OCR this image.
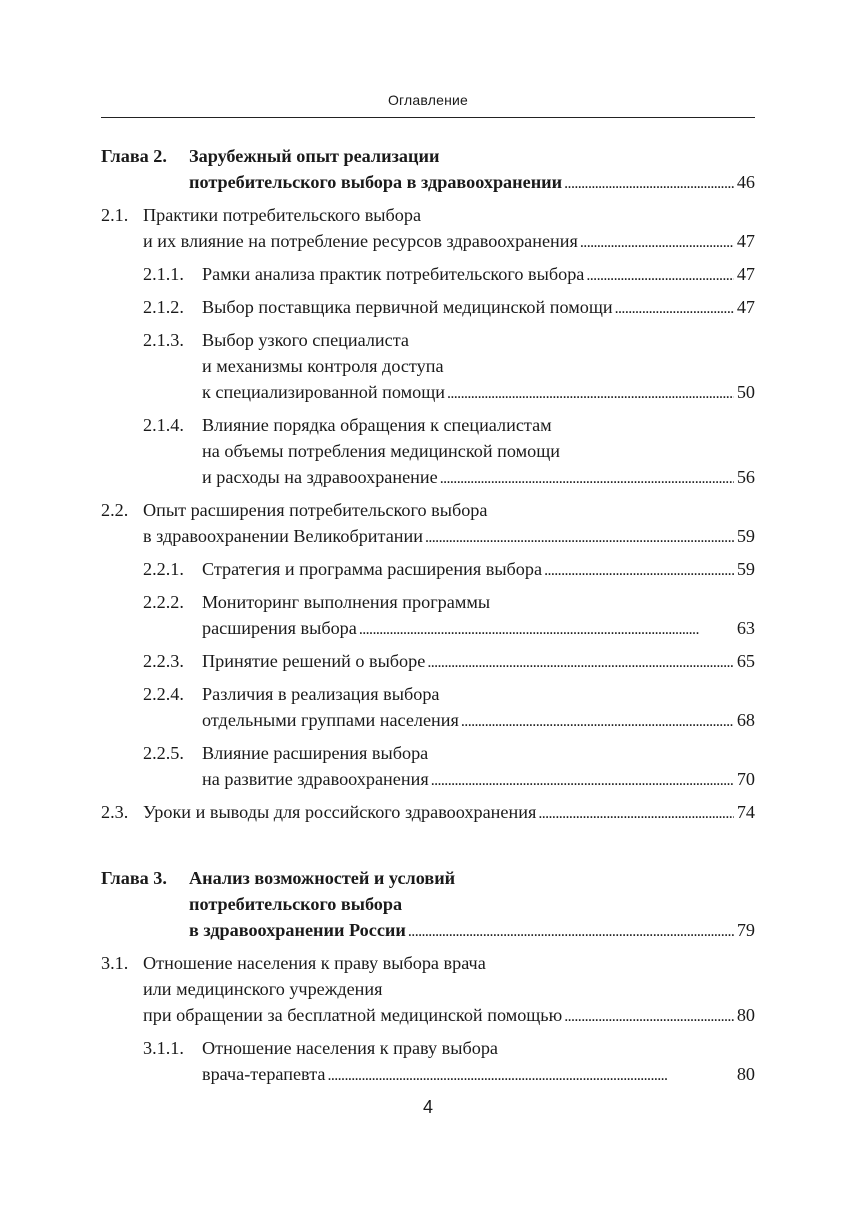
Оглавление
Глава 2.	Зарубежный опыт реализации
потребительского выбора в здравоохранении . . .	46
2.1. Практики потребительского выбора
и их влияние на потребление ресурсов здравоохранения . . .	47
2.1.1. Рамки анализа практик потребительского выбора . . .	47
2.1.2. Выбор поставщика первичной медицинской помощи . . .	47
2.1.3. Выбор узкого специалиста
и механизмы контроля доступа
к специализированной помощи . . .	50
2.1.4. Влияние порядка обращения к специалистам
на объемы потребления медицинской помощи
и расходы на здравоохранение . . .	56
2.2. Опыт расширения потребительского выбора
в здравоохранении Великобритании . . .	59
2.2.1. Стратегия и программа расширения выбора . . .	59
2.2.2. Мониторинг выполнения программы
расширения выбора . . .	63
2.2.3. Принятие решений о выборе . . .	65
2.2.4. Различия в реализация выбора
отдельными группами населения . . .	68
2.2.5. Влияние расширения выбора
на развитие здравоохранения . . .	70
2.3. Уроки и выводы для российского здравоохранения . . .	74
Глава 3.	Анализ возможностей и условий
потребительского выбора
в здравоохранении России . . .	79
3.1. Отношение населения к праву выбора врача
или медицинского учреждения
при обращении за бесплатной медицинской помощью . . .	80
3.1.1. Отношение населения к праву выбора
врача-терапевта . . .	80
4
